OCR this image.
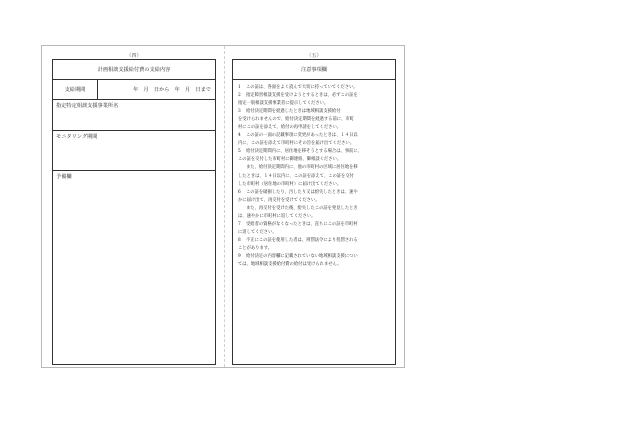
（四）	（五）
計画相談支援給付費の支給内容
支給期間	年　月　日から　年　月　日まで
指定特定相談支援事業所名
モニタリング期間
予備欄
注意事項欄
1 この証は、各面をよく読んで大切に持っていてください。
2 指定障害相談支援を受けようとするときは、必ずこの証を
指定一般相談支援事業者に提示してください。
3 給付決定期間を経過したときは地域相談支援給付
を受けられませんので、給付決定期間を経過する前に、市町
村にこの証を添えて、給付の再申請をしてください。
4 この証の一面の記載事項に変更があったときは、１４日以
内に、この証を添えて市町村にその旨を届け出てください。
5 給付決定期間内に、居住地を移そうとする場合は、事前に、
この証を交付した市町村に御連絡、御相談ください。
また、給付決定期間内に、他の市町村の区域に居住地を移
したときは、１４日以内に、この証を添えて、この証を交付
した市町村（居住地の市町村）に届け出てください。
6 この証を破損したり、汚したり又は紛失したときは、速や
かに届け出て、再交付を受けてください。
また、再交付を受けた後、紛失したこの証を発見したとき
は、速やかに市町村に返してください。
7 受給者の資格がなくなったときは、直ちにこの証を市町村
に返してください。
8 不正にこの証を使用した者は、刑罰法令により処罰される
ことがあります。
9 給付決定の内容欄に記載されていない地域相談支援につい
ては、地域相談支援給付費の給付は受けられません。
